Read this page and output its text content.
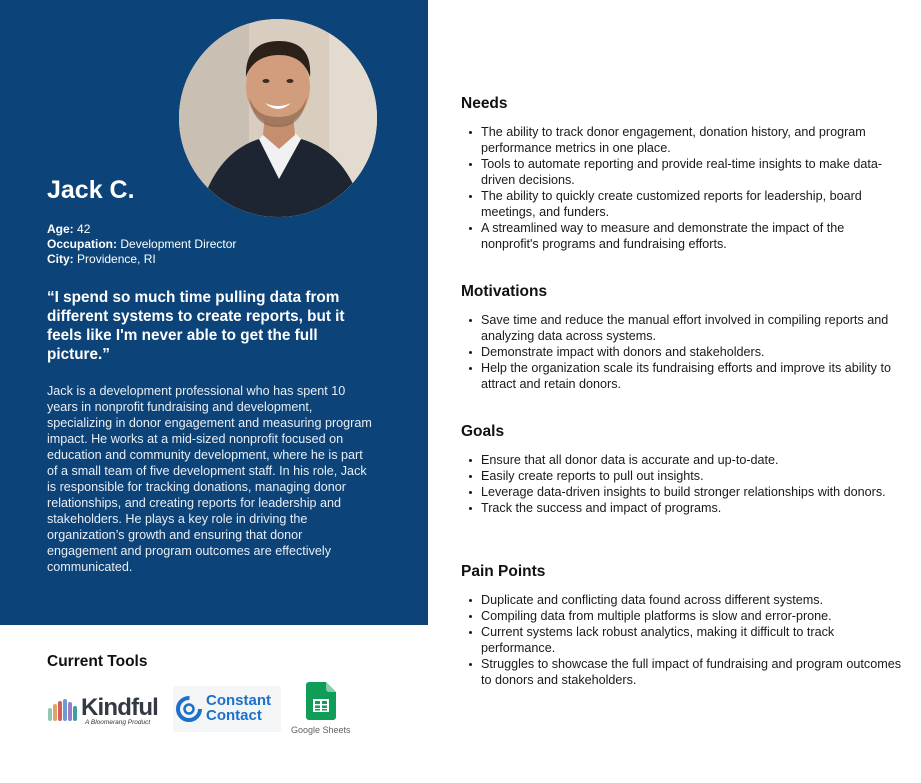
Jack C.
Age: 42
Occupation: Development Director
City: Providence, RI
“I spend so much time pulling data from different systems to create reports, but it feels like I'm never able to get the full picture.”
Jack is a development professional who has spent 10 years in nonprofit fundraising and development, specializing in donor engagement and measuring program impact. He works at a mid-sized nonprofit focused on education and community development, where he is part of a small team of five development staff. In his role, Jack is responsible for tracking donations, managing donor relationships, and creating reports for leadership and stakeholders. He plays a key role in driving the organization’s growth and ensuring that donor engagement and program outcomes are effectively communicated.
Current Tools
Kindful
A Bloomerang Product
Constant
Contact
Google Sheets
Needs
The ability to track donor engagement, donation history, and program performance metrics in one place.
Tools to automate reporting and provide real-time insights to make data-driven decisions.
The ability to quickly create customized reports for leadership, board meetings, and funders.
A streamlined way to measure and demonstrate the impact of the nonprofit's programs and fundraising efforts.
Motivations
Save time and reduce the manual effort involved in compiling reports and analyzing data across systems.
Demonstrate impact with donors and stakeholders.
Help the organization scale its fundraising efforts and improve its ability to attract and retain donors.
Goals
Ensure that all donor data is accurate and up-to-date.
Easily create reports to pull out insights.
Leverage data-driven insights to build stronger relationships with donors.
Track the success and impact of programs.
Pain Points
Duplicate and conflicting data found across different systems.
Compiling data from multiple platforms is slow and error-prone.
Current systems lack robust analytics, making it difficult to track performance.
Struggles to showcase the full impact of fundraising and program outcomes to donors and stakeholders.
